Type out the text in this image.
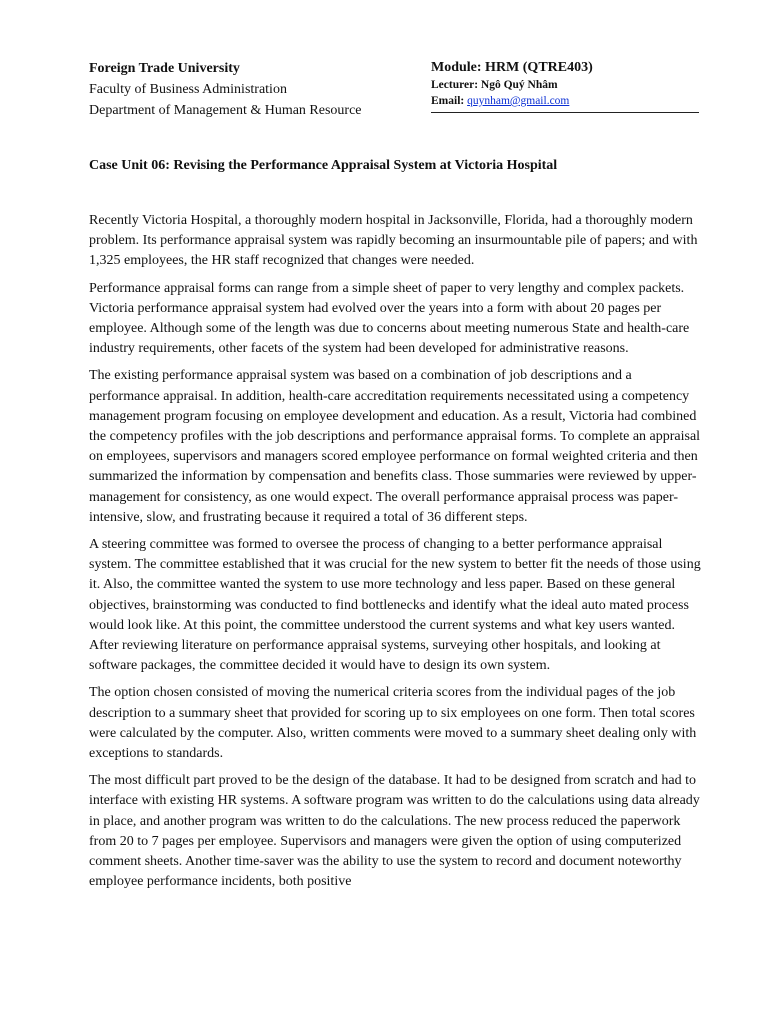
Foreign Trade University
Faculty of Business Administration
Department of Management & Human Resource
Module: HRM (QTRE403)
Lecturer: Ngô Quý Nhâm
Email: quynham@gmail.com
Case Unit 06: Revising the Performance Appraisal System at Victoria Hospital

Recently Victoria Hospital, a thoroughly modern hospital in Jacksonville, Florida, had a thoroughly modern problem. Its performance appraisal system was rapidly becoming an insurmountable pile of papers; and with 1,325 employees, the HR staff recognized that changes were needed.

Performance appraisal forms can range from a simple sheet of paper to very lengthy and complex packets. Victoria performance appraisal system had evolved over the years into a form with about 20 pages per employee. Although some of the length was due to concerns about meeting numerous State and health-care industry requirements, other facets of the system had been developed for administrative reasons.

The existing performance appraisal system was based on a combination of job descriptions and a performance appraisal. In addition, health-care accreditation requirements necessitated using a competency management program focusing on employee development and education. As a result, Victoria had combined the competency profiles with the job descriptions and performance appraisal forms. To complete an appraisal on employees, supervisors and managers scored employee performance on formal weighted criteria and then summarized the information by compensation and benefits class. Those summaries were reviewed by upper-management for consistency, as one would expect. The overall performance appraisal process was paper-intensive, slow, and frustrating because it required a total of 36 different steps.

A steering committee was formed to oversee the process of changing to a better performance appraisal system. The committee established that it was crucial for the new system to better fit the needs of those using it. Also, the committee wanted the system to use more technology and less paper. Based on these general objectives, brainstorming was conducted to find bottlenecks and identify what the ideal auto mated process would look like. At this point, the committee understood the current systems and what key users wanted. After reviewing literature on performance appraisal systems, surveying other hospitals, and looking at software packages, the committee decided it would have to design its own system.

The option chosen consisted of moving the numerical criteria scores from the individual pages of the job description to a summary sheet that provided for scoring up to six employees on one form. Then total scores were calculated by the computer. Also, written comments were moved to a summary sheet dealing only with exceptions to standards.

The most difficult part proved to be the design of the database. It had to be designed from scratch and had to interface with existing HR systems. A software program was written to do the calculations using data already in place, and another program was written to do the calculations. The new process reduced the paperwork from 20 to 7 pages per employee. Supervisors and managers were given the option of using computerized comment sheets. Another time-saver was the ability to use the system to record and document noteworthy employee performance incidents, both positive
